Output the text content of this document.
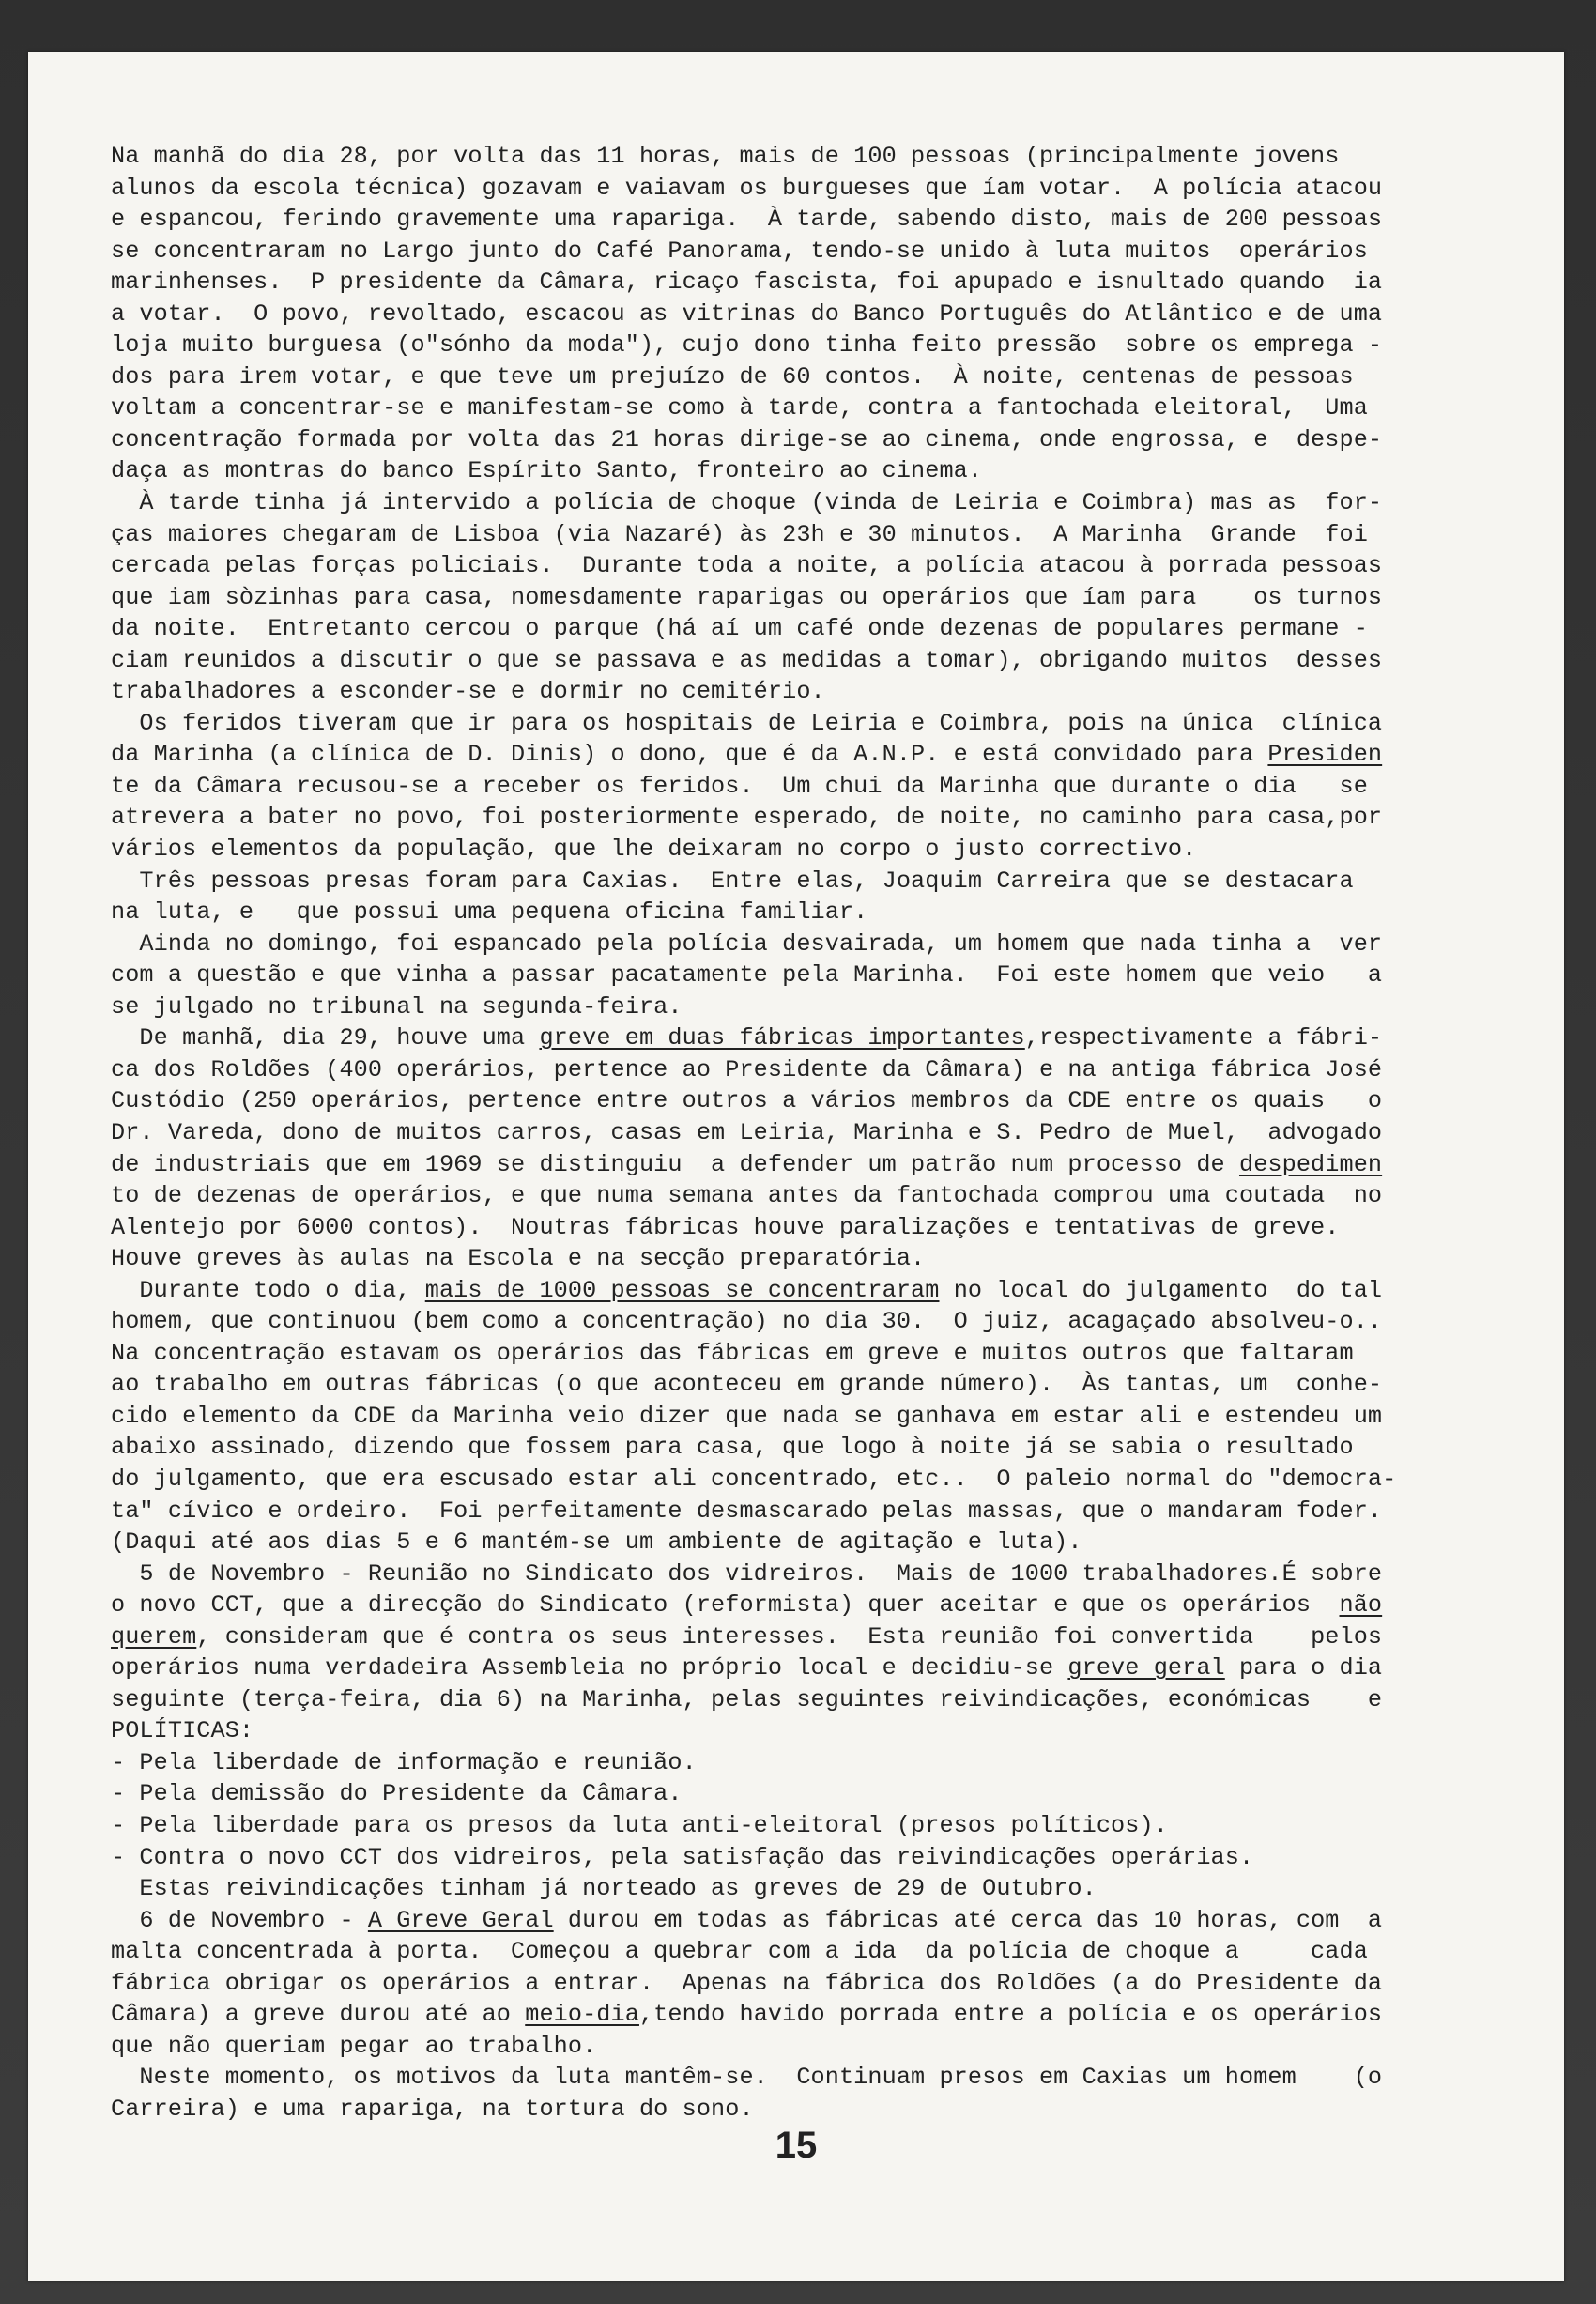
Na manhã do dia 28, por volta das 11 horas, mais de 100 pessoas (principalmente jovens
alunos da escola técnica) gozavam e vaiavam os burgueses que íam votar.  A polícia atacou
e espancou, ferindo gravemente uma rapariga.  À tarde, sabendo disto, mais de 200 pessoas
se concentraram no Largo junto do Café Panorama, tendo-se unido à luta muitos  operários
marinhenses.  P presidente da Câmara, ricaço fascista, foi apupado e isnultado quando  ia
a votar.  O povo, revoltado, escacou as vitrinas do Banco Português do Atlântico e de uma
loja muito burguesa (o"sónho da moda"), cujo dono tinha feito pressão  sobre os emprega -
dos para irem votar, e que teve um prejuízo de 60 contos.  À noite, centenas de pessoas
voltam a concentrar-se e manifestam-se como à tarde, contra a fantochada eleitoral,  Uma
concentração formada por volta das 21 horas dirige-se ao cinema, onde engrossa, e  despe-
daça as montras do banco Espírito Santo, fronteiro ao cinema.
À tarde tinha já intervido a polícia de choque (vinda de Leiria e Coimbra) mas as  for-
ças maiores chegaram de Lisboa (via Nazaré) às 23h e 30 minutos.  A Marinha  Grande  foi
cercada pelas forças policiais.  Durante toda a noite, a polícia atacou à porrada pessoas
que iam sòzinhas para casa, nomesdamente raparigas ou operários que íam para    os turnos
da noite.  Entretanto cercou o parque (há aí um café onde dezenas de populares permane -
ciam reunidos a discutir o que se passava e as medidas a tomar), obrigando muitos  desses
trabalhadores a esconder-se e dormir no cemitério.
Os feridos tiveram que ir para os hospitais de Leiria e Coimbra, pois na única  clínica
da Marinha (a clínica de D. Dinis) o dono, que é da A.N.P. e está convidado para Presiden
te da Câmara recusou-se a receber os feridos.  Um chui da Marinha que durante o dia   se
atrevera a bater no povo, foi posteriormente esperado, de noite, no caminho para casa,por
vários elementos da população, que lhe deixaram no corpo o justo correctivo.
Três pessoas presas foram para Caxias.  Entre elas, Joaquim Carreira que se destacara
na luta, e   que possui uma pequena oficina familiar.
Ainda no domingo, foi espancado pela polícia desvairada, um homem que nada tinha a  ver
com a questão e que vinha a passar pacatamente pela Marinha.  Foi este homem que veio   a
se julgado no tribunal na segunda-feira.
De manhã, dia 29, houve uma greve em duas fábricas importantes,respectivamente a fábri-
ca dos Roldões (400 operários, pertence ao Presidente da Câmara) e na antiga fábrica José
Custódio (250 operários, pertence entre outros a vários membros da CDE entre os quais   o
Dr. Vareda, dono de muitos carros, casas em Leiria, Marinha e S. Pedro de Muel,  advogado
de industriais que em 1969 se distinguiu  a defender um patrão num processo de despedimen
to de dezenas de operários, e que numa semana antes da fantochada comprou uma coutada  no
Alentejo por 6000 contos).  Noutras fábricas houve paralizações e tentativas de greve.
Houve greves às aulas na Escola e na secção preparatória.
Durante todo o dia, mais de 1000 pessoas se concentraram no local do julgamento  do tal
homem, que continuou (bem como a concentração) no dia 30.  O juiz, acagaçado absolveu-o..
Na concentração estavam os operários das fábricas em greve e muitos outros que faltaram
ao trabalho em outras fábricas (o que aconteceu em grande número).  Às tantas, um  conhe-
cido elemento da CDE da Marinha veio dizer que nada se ganhava em estar ali e estendeu um
abaixo assinado, dizendo que fossem para casa, que logo à noite já se sabia o resultado
do julgamento, que era escusado estar ali concentrado, etc..  O paleio normal do "democra-
ta" cívico e ordeiro.  Foi perfeitamente desmascarado pelas massas, que o mandaram foder.
(Daqui até aos dias 5 e 6 mantém-se um ambiente de agitação e luta).
5 de Novembro - Reunião no Sindicato dos vidreiros.  Mais de 1000 trabalhadores.É sobre
o novo CCT, que a direcção do Sindicato (reformista) quer aceitar e que os operários  não
querem, consideram que é contra os seus interesses.  Esta reunião foi convertida    pelos
operários numa verdadeira Assembleia no próprio local e decidiu-se greve geral para o dia
seguinte (terça-feira, dia 6) na Marinha, pelas seguintes reivindicações, económicas    e
POLÍTICAS:
- Pela liberdade de informação e reunião.
- Pela demissão do Presidente da Câmara.
- Pela liberdade para os presos da luta anti-eleitoral (presos políticos).
- Contra o novo CCT dos vidreiros, pela satisfação das reivindicações operárias.
Estas reivindicações tinham já norteado as greves de 29 de Outubro.
6 de Novembro - A Greve Geral durou em todas as fábricas até cerca das 10 horas, com  a
malta concentrada à porta.  Começou a quebrar com a ida  da polícia de choque a     cada
fábrica obrigar os operários a entrar.  Apenas na fábrica dos Roldões (a do Presidente da
Câmara) a greve durou até ao meio-dia,tendo havido porrada entre a polícia e os operários
que não queriam pegar ao trabalho.
Neste momento, os motivos da luta mantêm-se.  Continuam presos em Caxias um homem    (o
Carreira) e uma rapariga, na tortura do sono.
15
